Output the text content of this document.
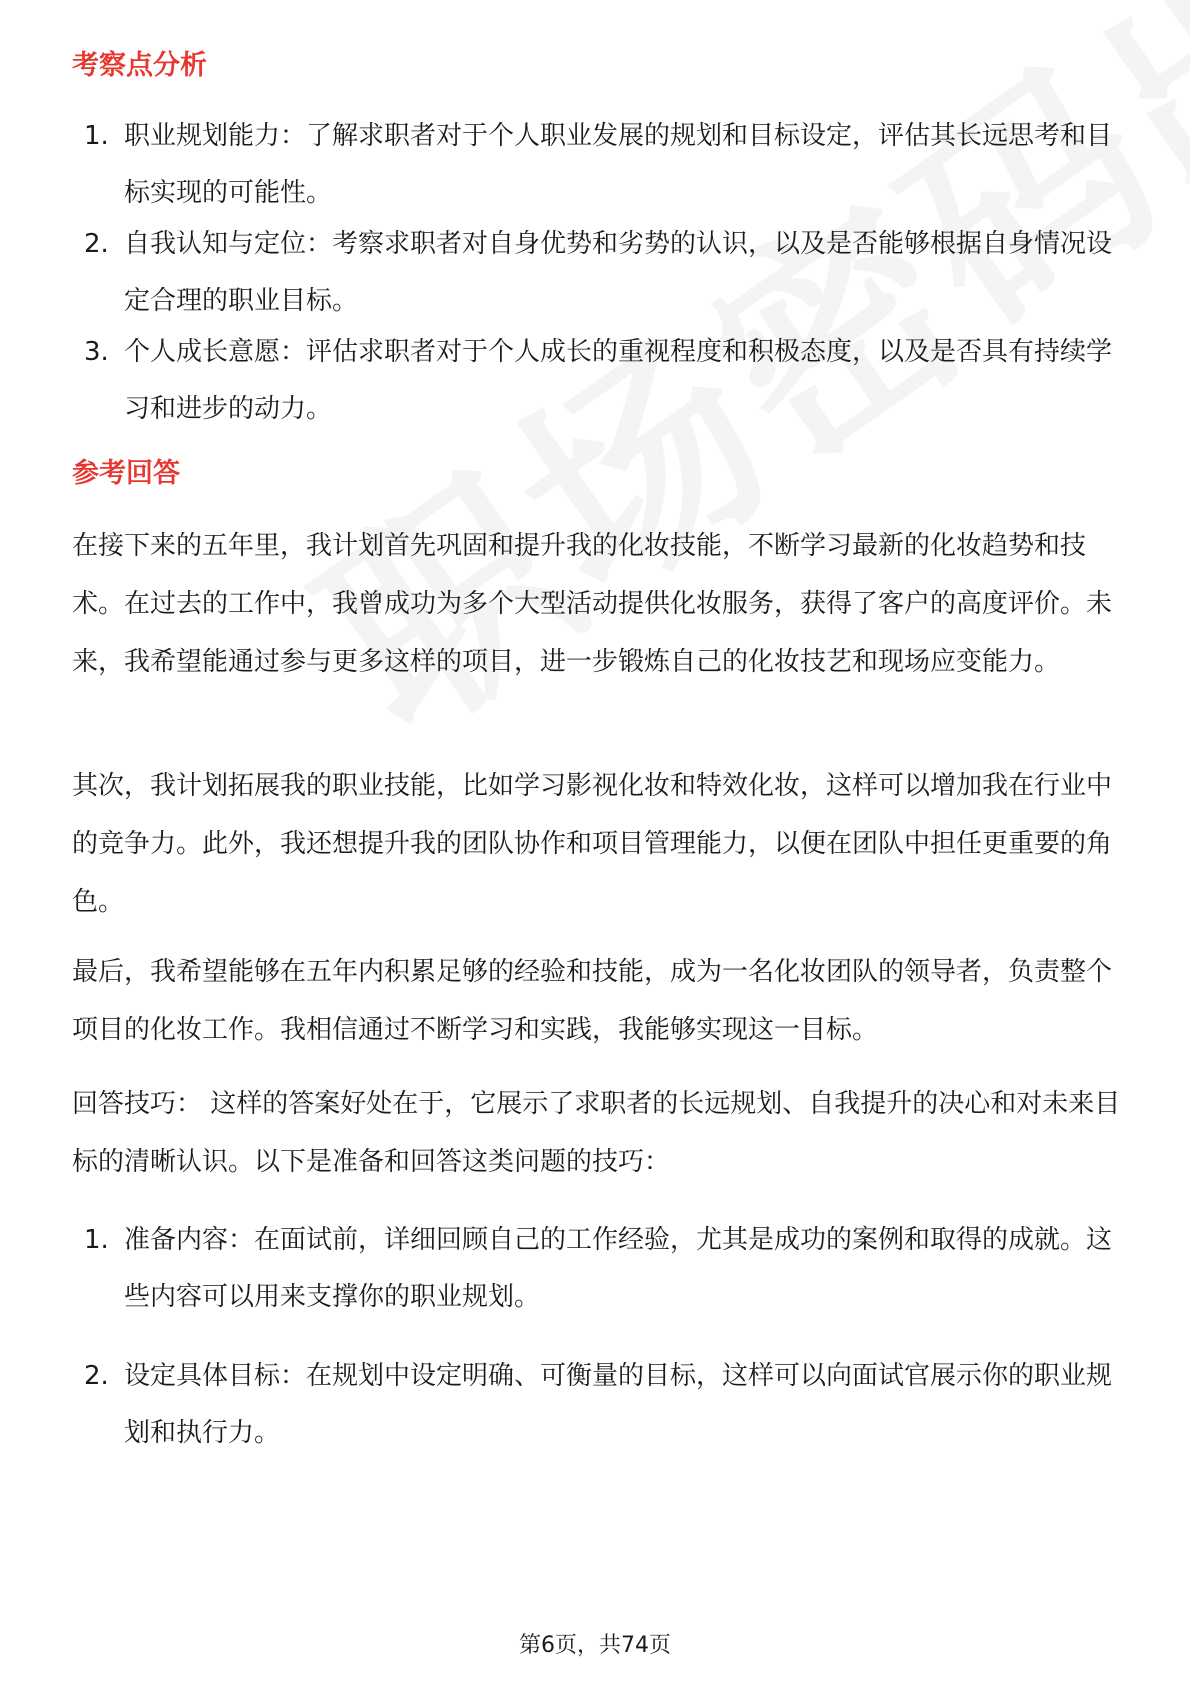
考察点分析
1. 职业规划能力：了解求职者对于个人职业发展的规划和目标设定，评估其长远思考和目标实现的可能性。
2. 自我认知与定位：考察求职者对自身优势和劣势的认识，以及是否能够根据自身情况设定合理的职业目标。
3. 个人成长意愿：评估求职者对于个人成长的重视程度和积极态度，以及是否具有持续学习和进步的动力。
参考回答
在接下来的五年里，我计划首先巩固和提升我的化妆技能，不断学习最新的化妆趋势和技术。在过去的工作中，我曾成功为多个大型活动提供化妆服务，获得了客户的高度评价。未来，我希望能通过参与更多这样的项目，进一步锻炼自己的化妆技艺和现场应变能力。
其次，我计划拓展我的职业技能，比如学习影视化妆和特效化妆，这样可以增加我在行业中的竞争力。此外，我还想提升我的团队协作和项目管理能力，以便在团队中担任更重要的角色。
最后，我希望能够在五年内积累足够的经验和技能，成为一名化妆团队的领导者，负责整个项目的化妆工作。我相信通过不断学习和实践，我能够实现这一目标。
回答技巧： 这样的答案好处在于，它展示了求职者的长远规划、自我提升的决心和对未来目标的清晰认识。以下是准备和回答这类问题的技巧：
1. 准备内容：在面试前，详细回顾自己的工作经验，尤其是成功的案例和取得的成就。这些内容可以用来支撑你的职业规划。
2. 设定具体目标：在规划中设定明确、可衡量的目标，这样可以向面试官展示你的职业规划和执行力。
第6页，共74页
